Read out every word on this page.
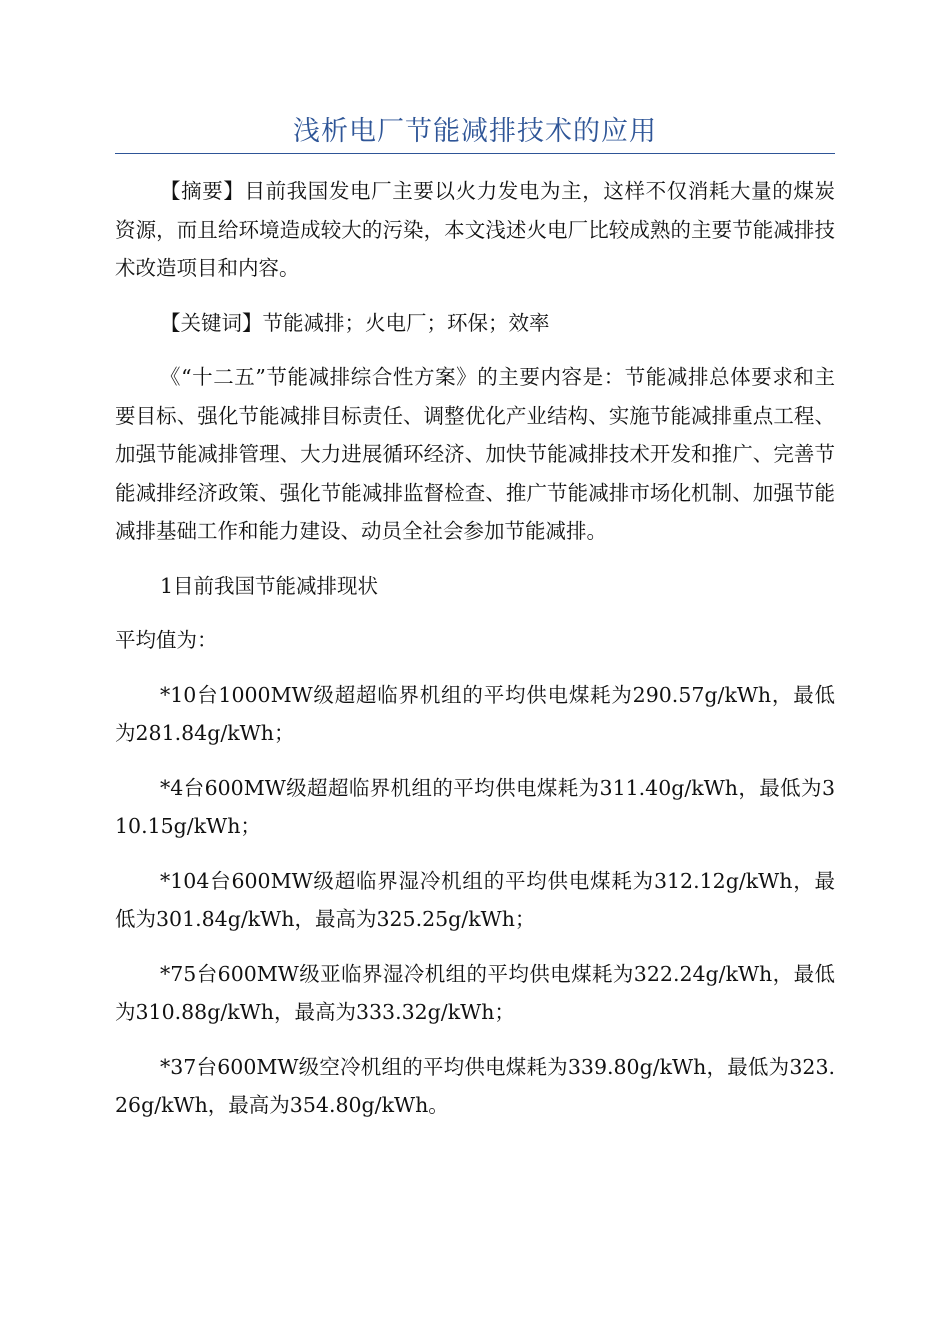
浅析电厂节能减排技术的应用

【摘要】目前我国发电厂主要以火力发电为主，这样不仅消耗大量的煤炭资源，而且给环境造成较大的污染，本文浅述火电厂比较成熟的主要节能减排技术改造项目和内容。

【关键词】节能减排；火电厂；环保；效率

《“十二五”节能减排综合性方案》的主要内容是：节能减排总体要求和主要目标、强化节能减排目标责任、调整优化产业结构、实施节能减排重点工程、加强节能减排管理、大力进展循环经济、加快节能减排技术开发和推广、完善节能减排经济政策、强化节能减排监督检查、推广节能减排市场化机制、加强节能减排基础工作和能力建设、动员全社会参加节能减排。

1目前我国节能减排现状

平均值为：

*10台1000MW级超超临界机组的平均供电煤耗为290.57g/kWh，最低为281.84g/kWh；

*4台600MW级超超临界机组的平均供电煤耗为311.40g/kWh，最低为310.15g/kWh；

*104台600MW级超临界湿冷机组的平均供电煤耗为312.12g/kWh，最低为301.84g/kWh，最高为325.25g/kWh；

*75台600MW级亚临界湿冷机组的平均供电煤耗为322.24g/kWh，最低为310.88g/kWh，最高为333.32g/kWh；

*37台600MW级空冷机组的平均供电煤耗为339.80g/kWh，最低为323.26g/kWh，最高为354.80g/kWh。
